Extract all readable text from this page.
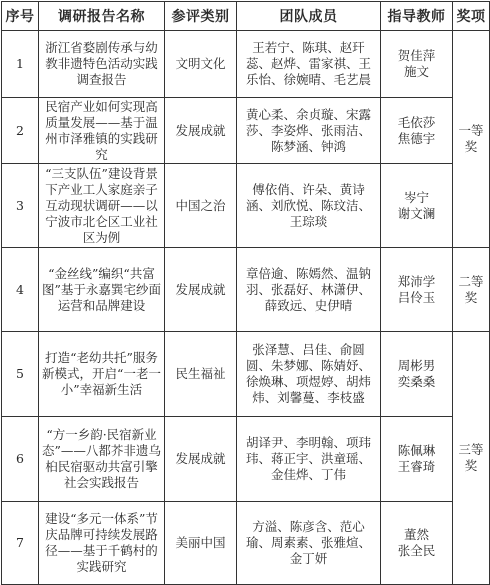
序号	调研报告名称	参评类别	团队成员	指导教师	奖项
1	浙江省婺剧传承与幼教非遗特色活动实践调查报告	文明文化	王若宁、陈琪、赵玕蕊、赵烨、雷家祺、王乐怡、徐婉晴、毛艺晨	贺佳萍
施文	一等奖
2	民宿产业如何实现高质量发展——基于温州市泽雅镇的实践研究	发展成就	黄心柔、余贞璇、宋露莎、李姿烨、张雨洁、陈梦涵、钟鸿	毛依莎
焦德宇	
3	“三支队伍”建设背景下产业工人家庭亲子互动现状调研——以宁波市北仑区工业社区为例	中国之治	傅依俏、许朵、黄诗涵、刘欣悦、陈玟洁、王琮琰	岑宁
谢文澜	
4	“金丝线”编织“共富图”基于永嘉巽宅纱面运营和品牌建设	发展成就	章倍逾、陈嫣然、温钠羽、张磊好、林潇伊、薛致远、史伊晴	郑沛学
吕伶玉	二等奖
5	打造“老幼共托”服务新模式，开启“一老一小”幸福新生活	民生福祉	张泽慧、吕佳、俞圆圆、朱梦娜、陈婧妤、徐焕琳、项煜婷、胡炜炜、刘馨蔓、李枝盛	周彬男
奕桑桑	三等奖
6	“方一乡韵·民宿新业态”——八都芥非遗乌桕民宿驱动共富引擎社会实践报告	发展成就	胡译尹、李明翰、项玮玮、蒋正宇、洪童瑶、金佳烨、丁伟	陈佩琳
王睿琦	
7	建设“多元一体系”节庆品牌可持续发展路径——基于千鹤村的实践研究	美丽中国	方溢、陈彦含、范心瑜、周素素、张雅煊、金丁妍	董然
张全民	
